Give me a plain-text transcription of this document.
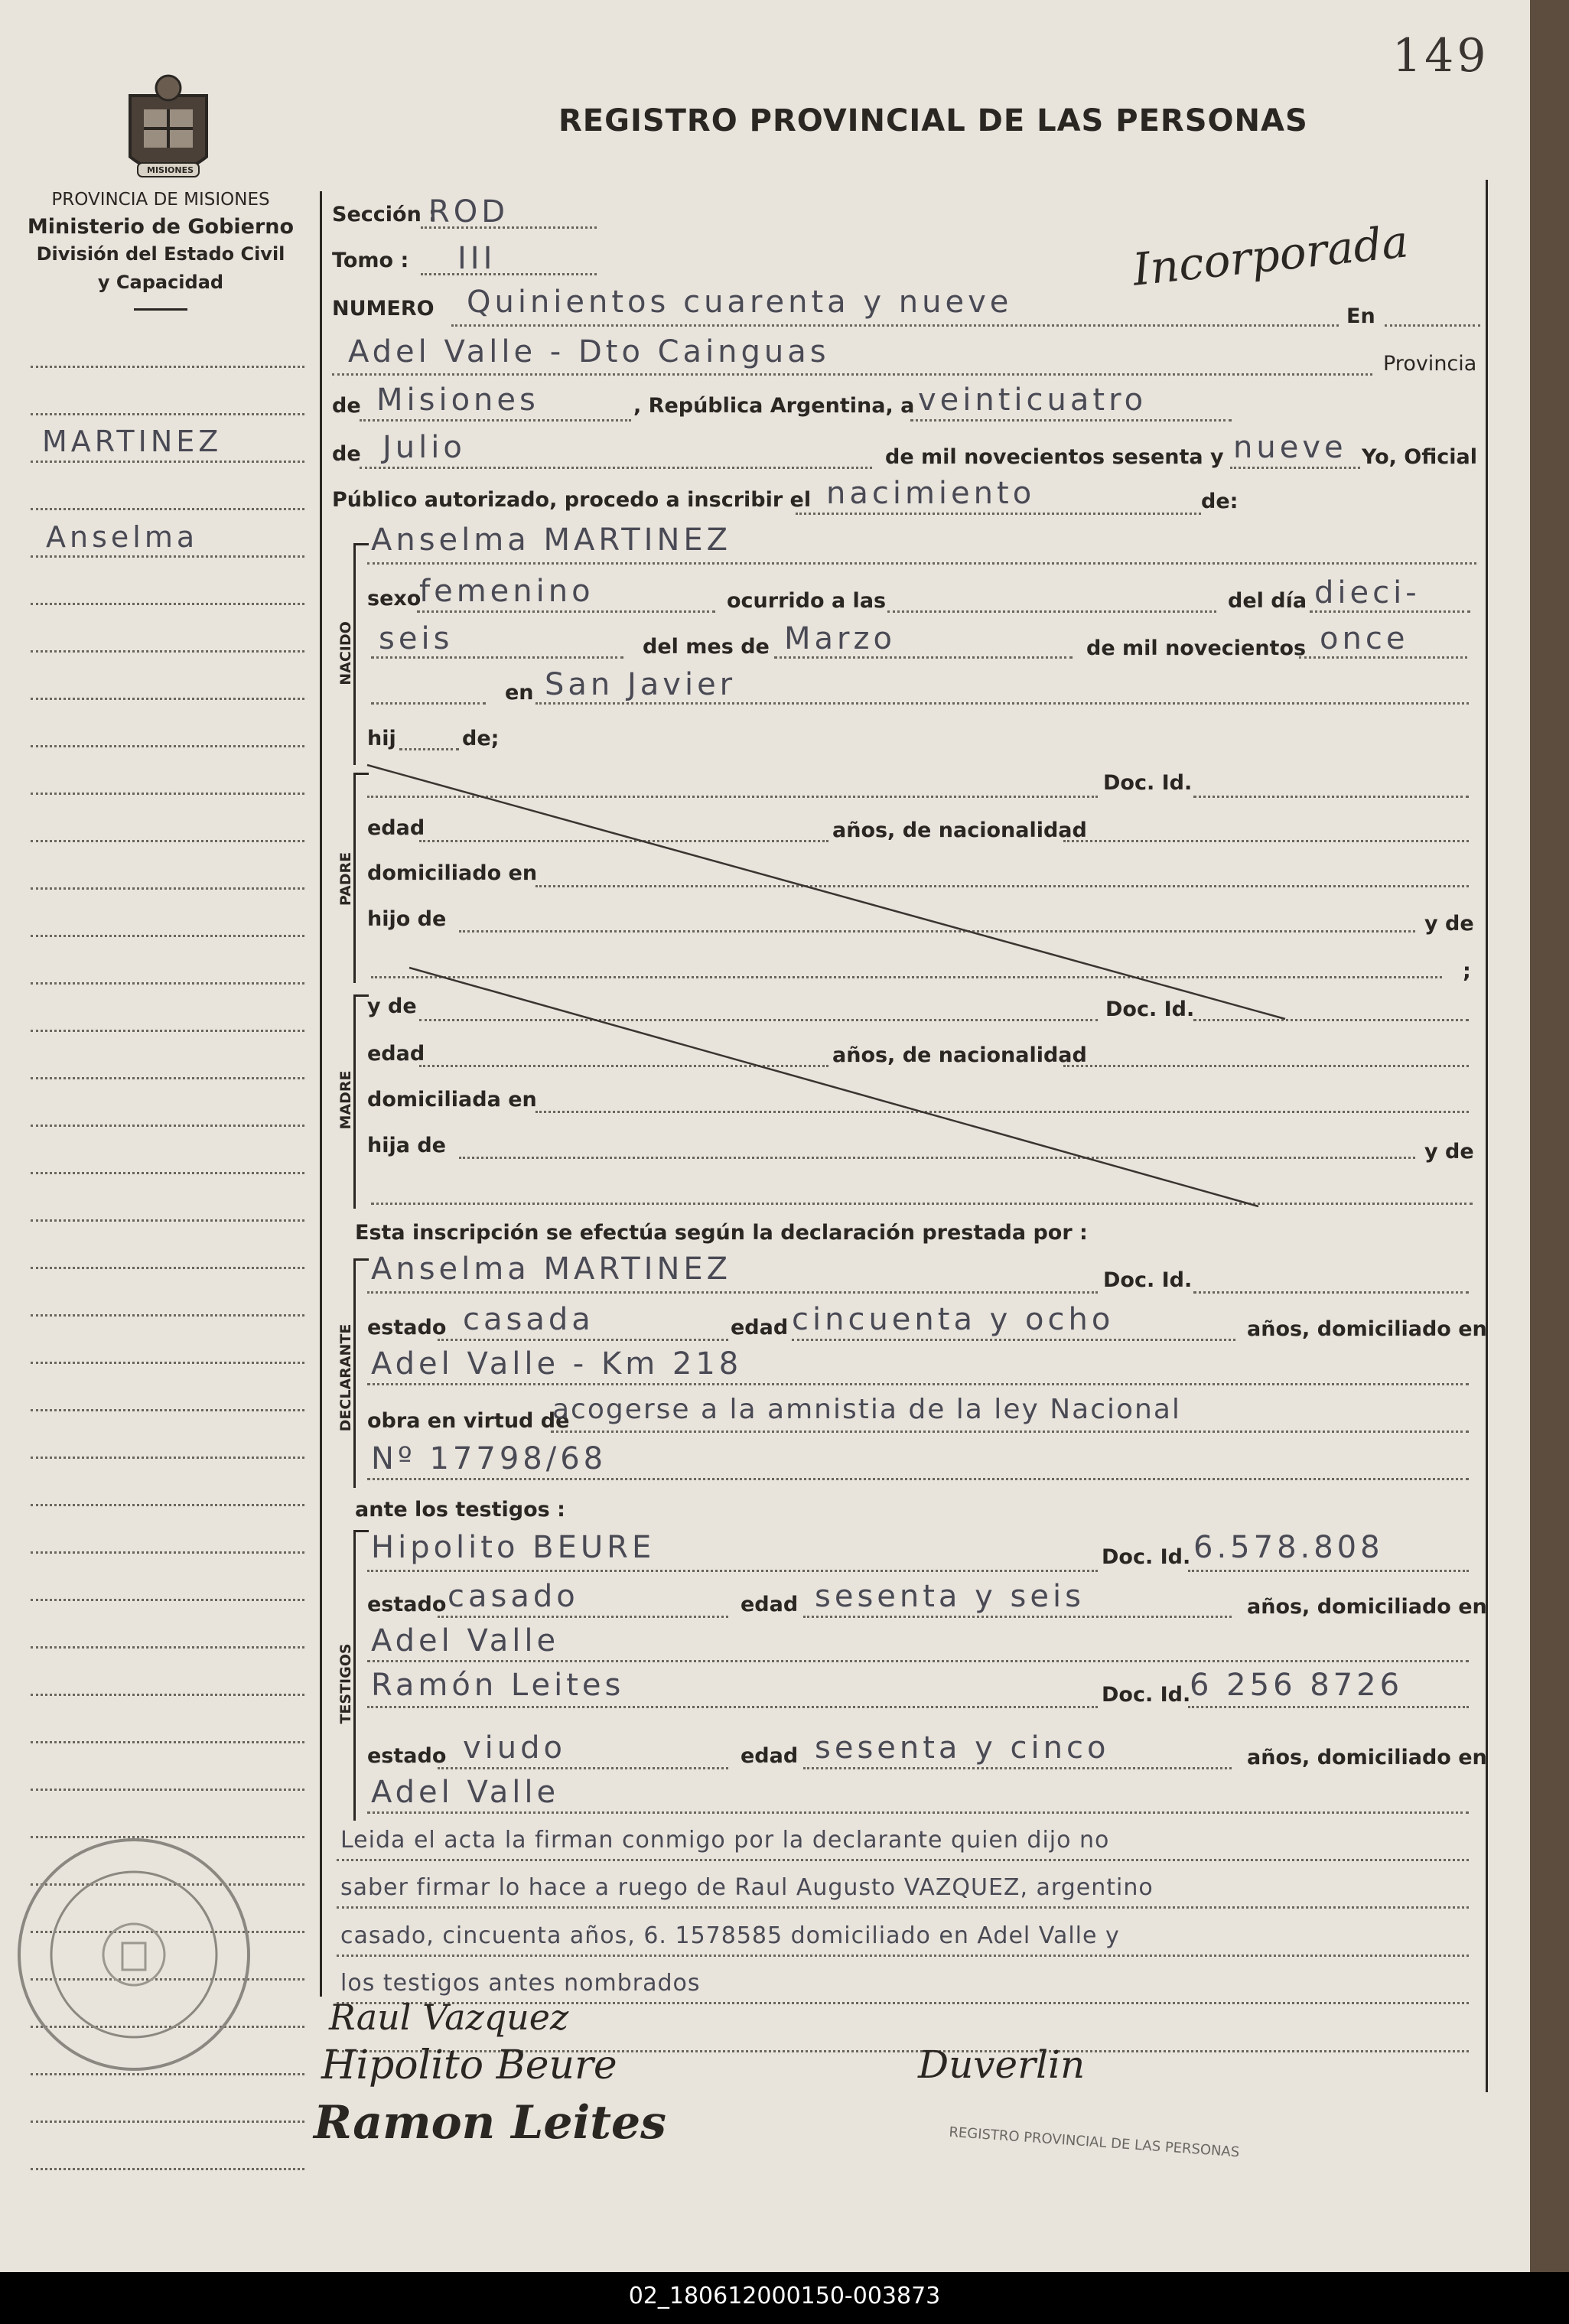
149
MISIONES
PROVINCIA DE MISIONES
Ministerio de Gobierno
División del Estado Civil
y Capacidad
REGISTRO PROVINCIAL DE LAS PERSONAS
MARTINEZ
Anselma
Sección :
ROD
Tomo : III	Incorporada
NUMERO Quinientos cuarenta y nueve	En
Adel Valle - Dto Cainguas	Provincia
de Misiones	, República Argentina, a veinticuatro
de Julio	de mil novecientos sesenta y nueve Yo, Oficial
Público autorizado, procedo a inscribir el nacimiento	de:
NACIDO
Anselma MARTINEZ
sexo
femenino	ocurrido a las	del día dieci-
seis	del mes de Marzo	de mil novecientos once
en San Javier
hij	de;
PADRE
Doc. Id.
edad	años, de nacionalidad
domiciliado en
hijo de	y de
;
MADRE
y de	Doc. Id.
edad	años, de nacionalidad
domiciliada en
hija de	y de
Esta inscripción se efectúa según la declaración prestada por :
DECLARANTE
Anselma MARTINEZ	Doc. Id.
estado casada	edad cincuenta y ocho	años, domiciliado en
Adel Valle - Km 218
obra en virtud de
acogerse a la amnistia de la ley Nacional
Nº 17798/68
ante los testigos :
TESTIGOS
Hipolito BEURE	Doc. Id. 6.578.808
estado casado	edad sesenta y seis	años, domiciliado en
Adel Valle
Ramón Leites	Doc. Id.
6 256 8726
estado viudo	edad sesenta y cinco	años, domiciliado en
Adel Valle
Leida el acta la firman conmigo por la declarante quien dijo no
saber firmar lo hace a ruego de Raul Augusto VAZQUEZ, argentino
casado, cincuenta años, 6. 1578585 domiciliado en Adel Valle y
los testigos antes nombrados
Raul Vazquez
Hipolito Beure
Ramon Leites
Duverlin
REGISTRO PROVINCIAL DE LAS PERSONAS
02_180612000150-003873
